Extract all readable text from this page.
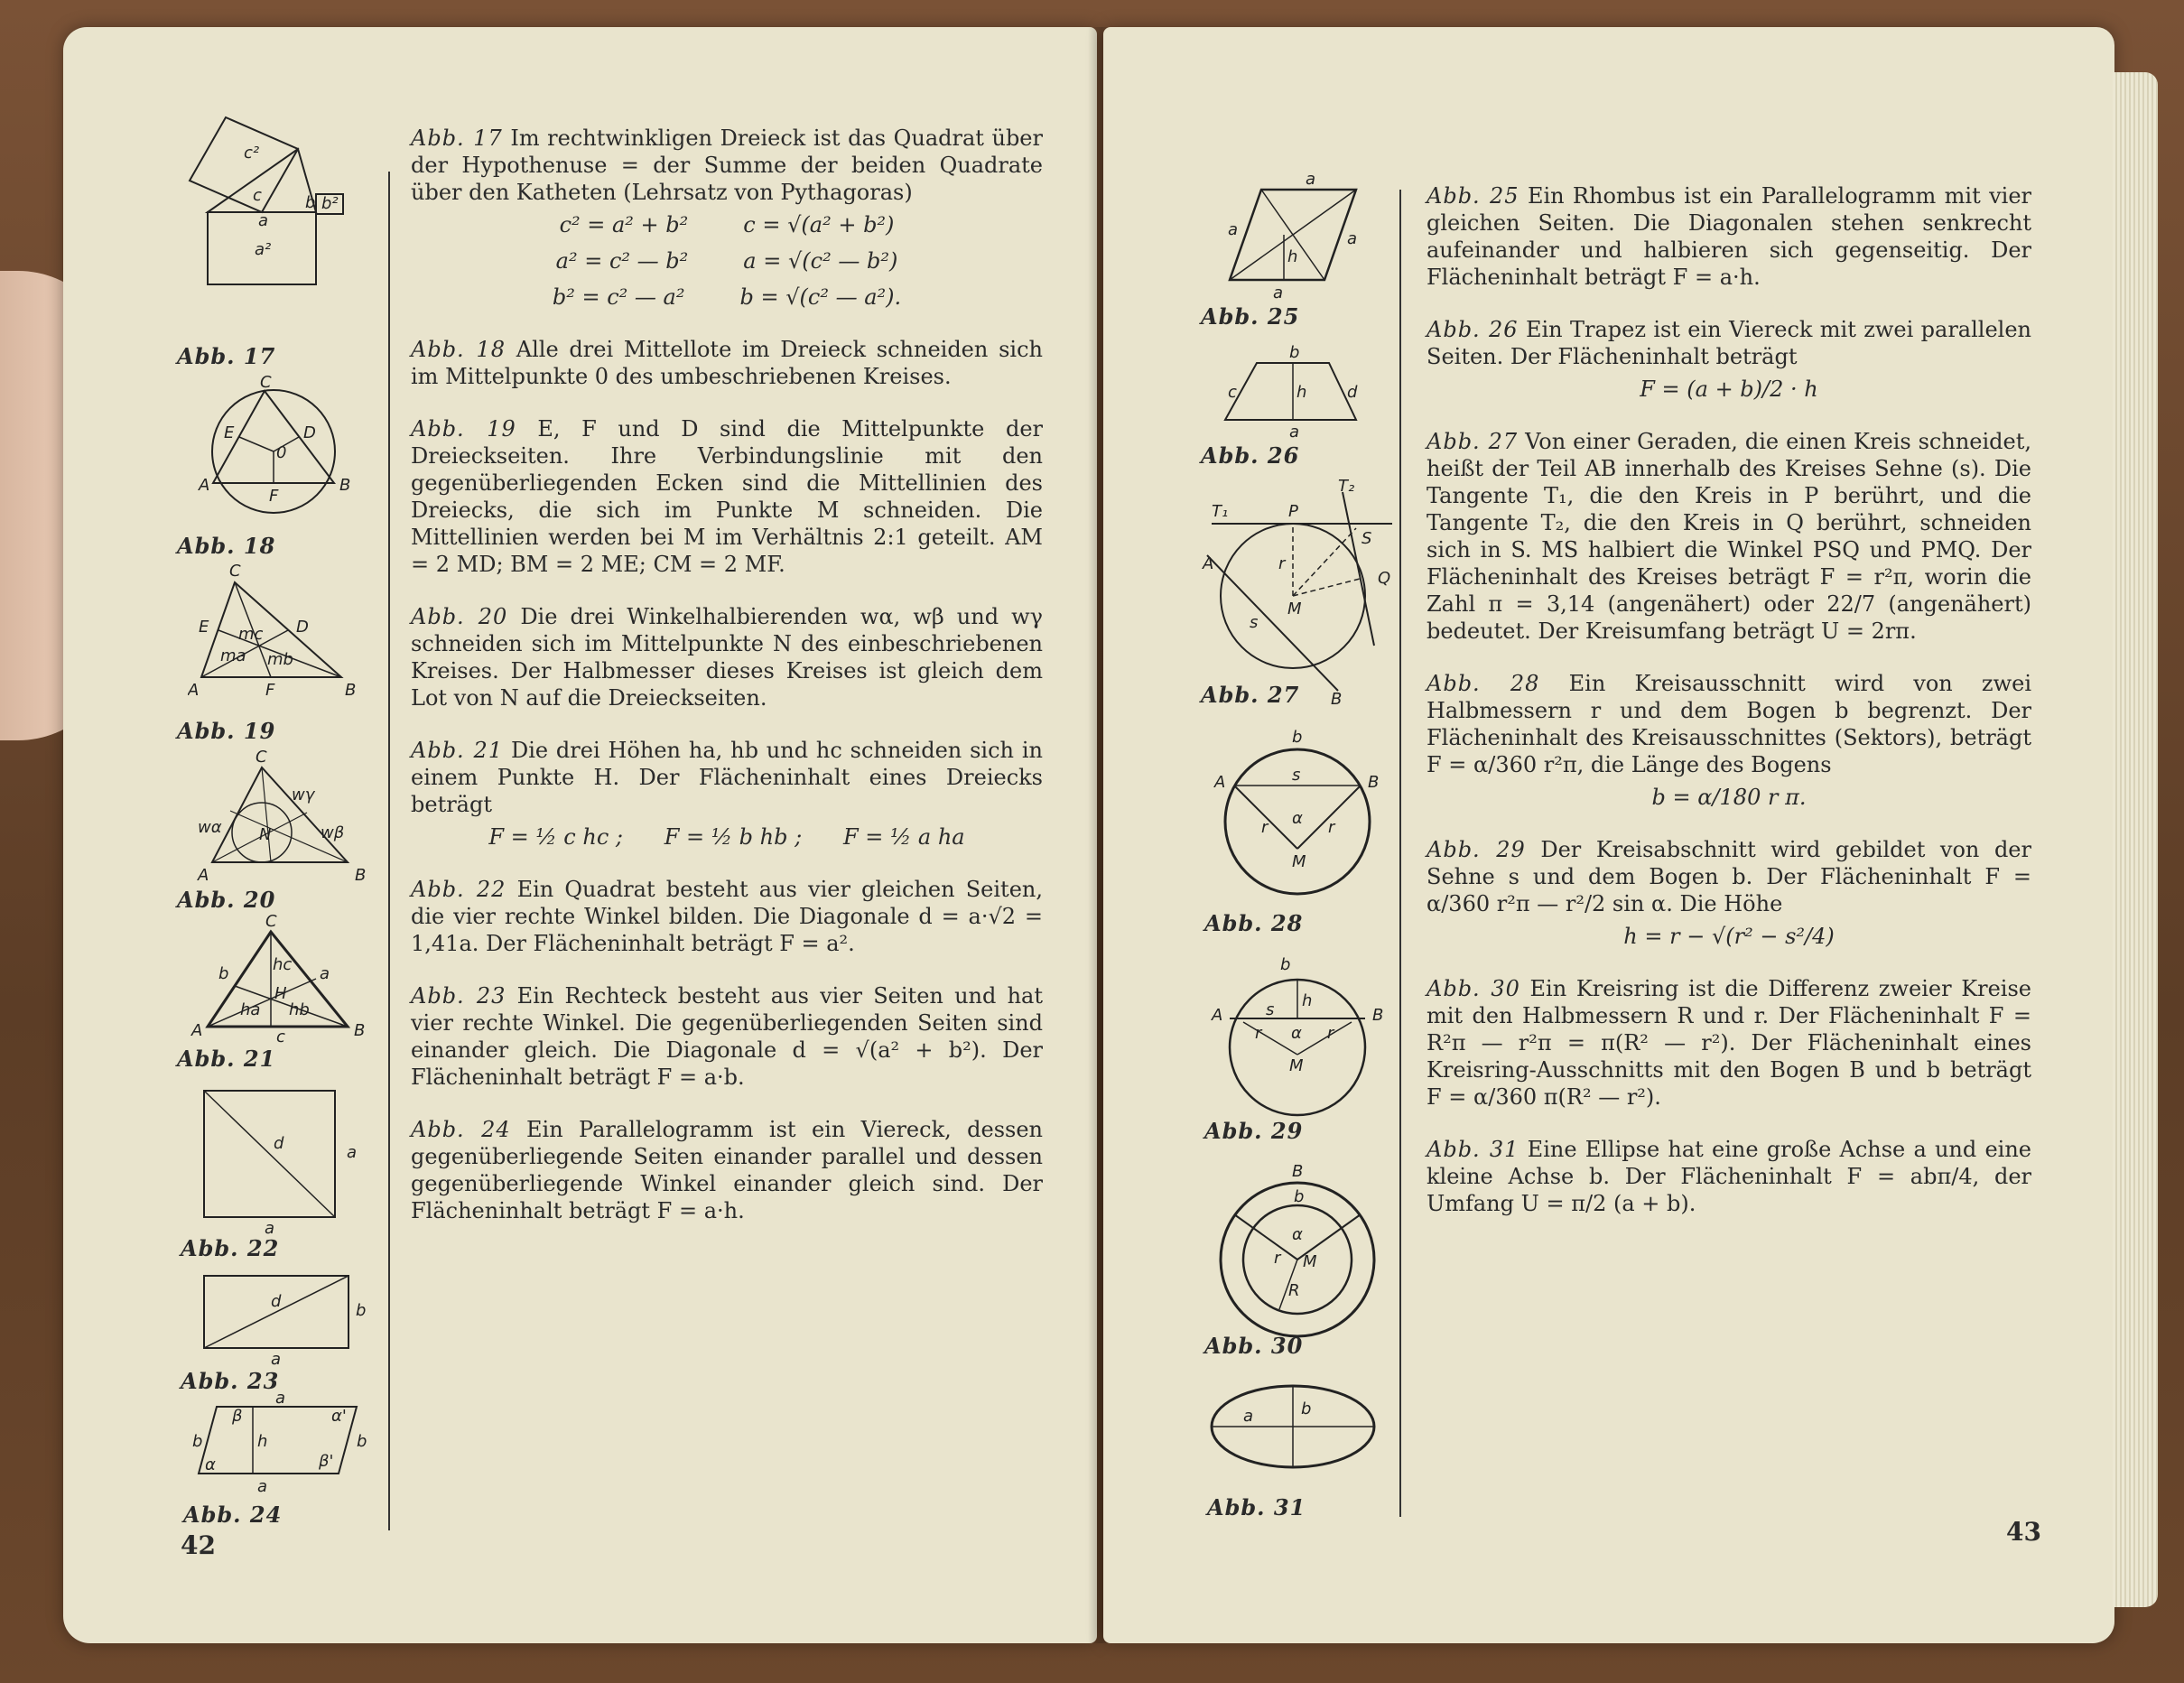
c²
c	b b²
a
a²
Abb. 17
C
E	D
0
A
F
B
Abb. 18
C
E	D
mc
ma mb
A	F	B
Abb. 19
C
wγ
wα	wβ
N
A	B
Abb. 20
C
b	a
hc
H
ha hb
c
A	B
Abb. 21
d	a
a
Abb. 22
d	b
a
Abb. 23
β	α'
b	h	b
α	β'
a
a
Abb. 24
Abb. 17 Im rechtwinkligen Dreieck ist das Quadrat über der Hypothenuse = der Summe der beiden Quadrate über den Katheten (Lehrsatz von Pythagoras)
c² = a² + b²        c = √(a² + b²)
a² = c² — b²        a = √(c² — b²)
b² = c² — a²        b = √(c² — a²).
Abb. 18 Alle drei Mittellote im Dreieck schneiden sich im Mittelpunkte 0 des umbeschriebenen Kreises.
Abb. 19 E, F und D sind die Mittelpunkte der Dreieckseiten. Ihre Verbindungslinie mit den gegenüberliegenden Ecken sind die Mittellinien des Dreiecks, die sich im Punkte M schneiden. Die Mittellinien werden bei M im Verhältnis 2:1 geteilt. AM = 2 MD; BM = 2 ME; CM = 2 MF.
Abb. 20 Die drei Winkelhalbierenden wα, wβ und wγ schneiden sich im Mittelpunkte N des einbeschriebenen Kreises. Der Halbmesser dieses Kreises ist gleich dem Lot von N auf die Dreieckseiten.
Abb. 21 Die drei Höhen ha, hb und hc schneiden sich in einem Punkte H. Der Flächeninhalt eines Dreiecks beträgt
F = ½ c hc ;      F = ½ b hb ;      F = ½ a ha
Abb. 22 Ein Quadrat besteht aus vier gleichen Seiten, die vier rechte Winkel bilden. Die Diagonale d = a·√2 = 1,41a. Der Flächeninhalt beträgt F = a².
Abb. 23 Ein Rechteck besteht aus vier Seiten und hat vier rechte Winkel. Die gegenüberliegenden Seiten sind einander gleich. Die Diagonale d = √(a² + b²). Der Flächeninhalt beträgt F = a·b.
Abb. 24 Ein Parallelogramm ist ein Viereck, dessen gegenüberliegende Seiten einander parallel und dessen gegenüberliegende Winkel einander gleich sind. Der Flächeninhalt beträgt F = a·h.
42
a
a
h
a
a
Abb. 25
b
c	h d
a
Abb. 26
T₁	P
T₂
S
A	r
Q
M
s
B
Abb. 27
b
A	s	B
α
r	r
M
Abb. 28
b
h
A	s	B
r α r
M
Abb. 29
B
b
α
r M
R
Abb. 30
a	b
Abb. 31
Abb. 25 Ein Rhombus ist ein Parallelogramm mit vier gleichen Seiten. Die Diagonalen stehen senkrecht aufeinander und halbieren sich gegenseitig. Der Flächeninhalt beträgt F = a·h.
Abb. 26 Ein Trapez ist ein Viereck mit zwei parallelen Seiten. Der Flächeninhalt beträgt
F = (a + b)/2 · h
Abb. 27 Von einer Geraden, die einen Kreis schneidet, heißt der Teil AB innerhalb des Kreises Sehne (s). Die Tangente T₁, die den Kreis in P berührt, und die Tangente T₂, die den Kreis in Q berührt, schneiden sich in S. MS halbiert die Winkel PSQ und PMQ. Der Flächeninhalt des Kreises beträgt F = r²π, worin die Zahl π = 3,14 (angenähert) oder 22/7 (angenähert) bedeutet. Der Kreisumfang beträgt U = 2rπ.
Abb. 28 Ein Kreisausschnitt wird von zwei Halbmessern r und dem Bogen b begrenzt. Der Flächeninhalt des Kreisausschnittes (Sektors), beträgt F = α/360 r²π, die Länge des Bogens
b = α/180 r π.
Abb. 29 Der Kreisabschnitt wird gebildet von der Sehne s und dem Bogen b. Der Flächeninhalt F = α/360 r²π — r²/2 sin α. Die Höhe
h = r − √(r² − s²/4)
Abb. 30 Ein Kreisring ist die Differenz zweier Kreise mit den Halbmessern R und r. Der Flächeninhalt F = R²π — r²π = π(R² — r²). Der Flächeninhalt eines Kreisring-Ausschnitts mit den Bogen B und b beträgt F = α/360 π(R² — r²).
Abb. 31 Eine Ellipse hat eine große Achse a und eine kleine Achse b. Der Flächeninhalt F = abπ/4, der Umfang U = π/2 (a + b).
43
